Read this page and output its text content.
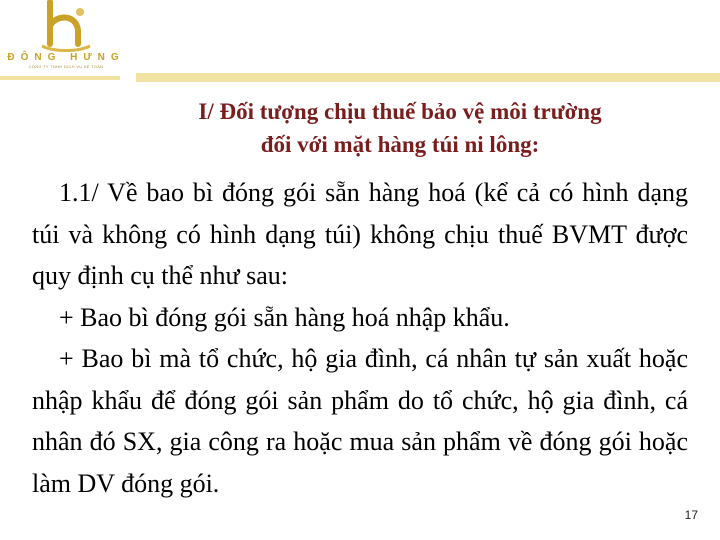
ĐÔNG HƯNG
CÔNG TY TNHH DỊCH VỤ KẾ TOÁN
I/ Đối tượng chịu thuế bảo vệ môi trường
đối với mặt hàng túi ni lông:

1.1/ Về bao bì đóng gói sẵn hàng hoá (kể cả có hình dạng túi và không có hình dạng túi) không chịu thuế BVMT được quy định cụ thể như sau:

+ Bao bì đóng gói sẵn hàng hoá nhập khẩu.

+ Bao bì mà tổ chức, hộ gia đình, cá nhân tự sản xuất hoặc nhập khẩu để đóng gói sản phẩm do tổ chức, hộ gia đình, cá nhân đó SX, gia công ra hoặc mua sản phẩm về đóng gói hoặc làm DV đóng gói.

17
